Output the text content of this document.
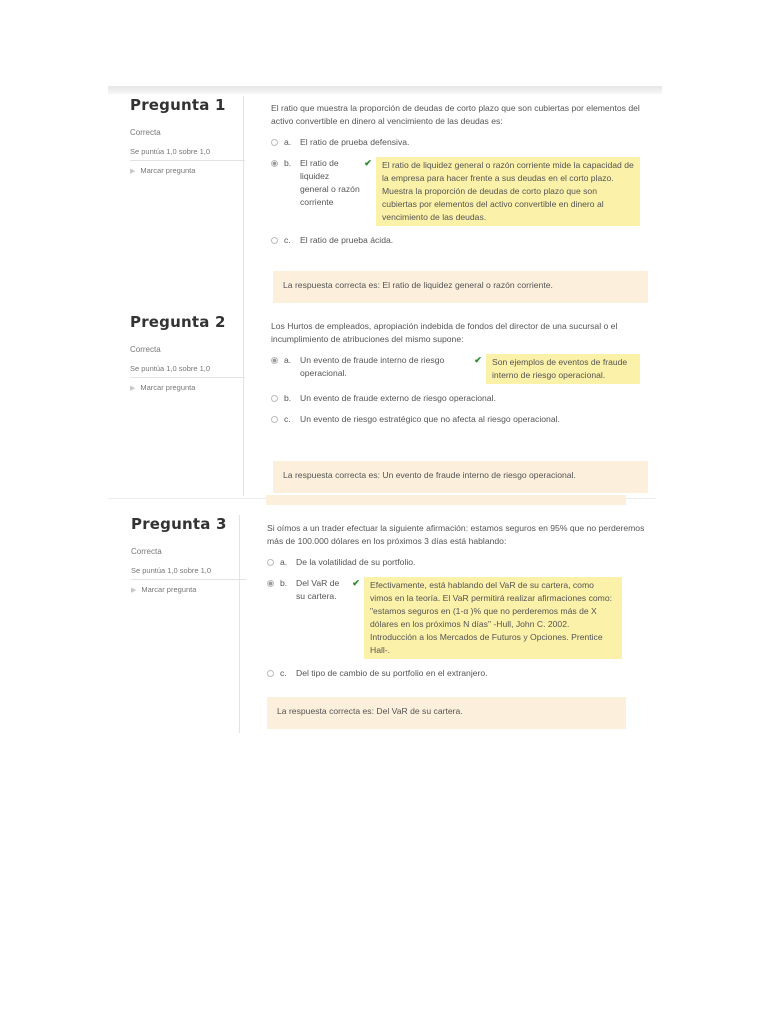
Pregunta 1
Correcta
Se puntúa 1,0 sobre 1,0
▶ Marcar pregunta

El ratio que muestra la proporción de deudas de corto plazo que son cubiertas por elementos del activo convertible en dinero al vencimiento de las deudas es:

a.	El ratio de prueba defensiva.
b.	El ratio de liquidez general o razón corriente
✔	El ratio de liquidez general o razón corriente mide la capacidad de la empresa para hacer frente a sus deudas en el corto plazo. Muestra la proporción de deudas de corto plazo que son cubiertas por elementos del activo convertible en dinero al vencimiento de las deudas.
c.	El ratio de prueba ácida.
La respuesta correcta es: El ratio de liquidez general o razón corriente.
Pregunta 2
Correcta
Se puntúa 1,0 sobre 1,0
▶ Marcar pregunta

Los Hurtos de empleados, apropiación indebida de fondos del director de una sucursal o el incumplimiento de atribuciones del mismo supone:

a.	Un evento de fraude interno de riesgo operacional.
✔	Son ejemplos de eventos de fraude interno de riesgo operacional.
b.	Un evento de fraude externo de riesgo operacional.
c.	Un evento de riesgo estratégico que no afecta al riesgo operacional.
La respuesta correcta es: Un evento de fraude interno de riesgo operacional.
Pregunta 3
Correcta
Se puntúa 1,0 sobre 1,0
▶ Marcar pregunta

Si oímos a un trader efectuar la siguiente afirmación: estamos seguros en 95% que no perderemos más de 100.000 dólares en los próximos 3 días está hablando:

a.	De la volatilidad de su portfolio.
b.	Del VaR de su cartera.
✔	Efectivamente, está hablando del VaR de su cartera, como vimos en la teoría. El VaR permitirá realizar afirmaciones como: "estamos seguros en (1-α )% que no perderemos más de X dólares en los próximos N días" -Hull, John C. 2002. Introducción a los Mercados de Futuros y Opciones. Prentice Hall-.
c.	Del tipo de cambio de su portfolio en el extranjero.
La respuesta correcta es: Del VaR de su cartera.
